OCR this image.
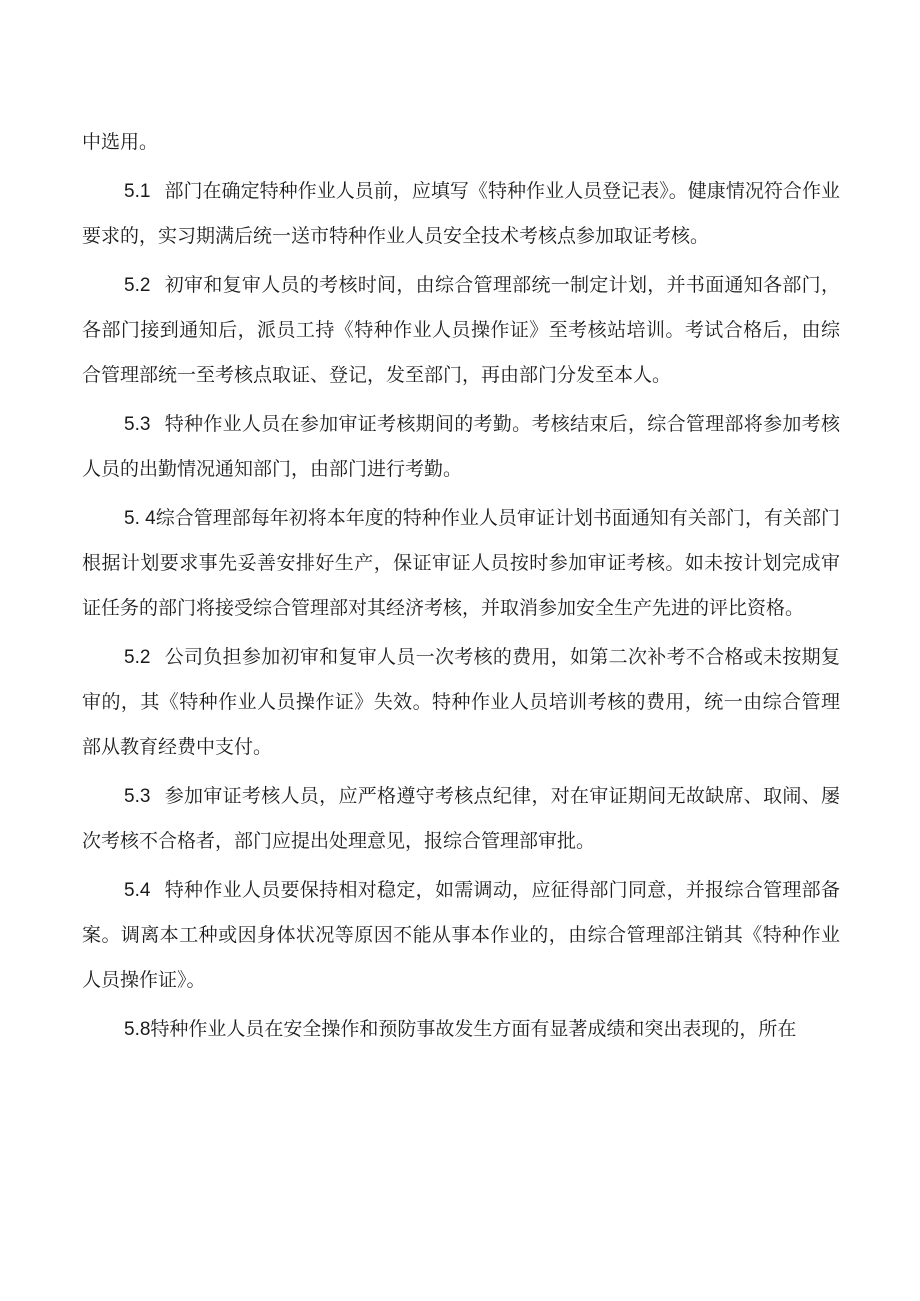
中选用。

5.1 部门在确定特种作业人员前，应填写《特种作业人员登记表》。健康情况符合作业要求的，实习期满后统一送市特种作业人员安全技术考核点参加取证考核。

5.2 初审和复审人员的考核时间，由综合管理部统一制定计划，并书面通知各部门，各部门接到通知后，派员工持《特种作业人员操作证》至考核站培训。考试合格后，由综合管理部统一至考核点取证、登记，发至部门，再由部门分发至本人。

5.3 特种作业人员在参加审证考核期间的考勤。考核结束后，综合管理部将参加考核人员的出勤情况通知部门，由部门进行考勤。

5. 4综合管理部每年初将本年度的特种作业人员审证计划书面通知有关部门，有关部门根据计划要求事先妥善安排好生产，保证审证人员按时参加审证考核。如未按计划完成审证任务的部门将接受综合管理部对其经济考核，并取消参加安全生产先进的评比资格。

5.2 公司负担参加初审和复审人员一次考核的费用，如第二次补考不合格或未按期复审的，其《特种作业人员操作证》失效。特种作业人员培训考核的费用，统一由综合管理部从教育经费中支付。

5.3 参加审证考核人员，应严格遵守考核点纪律，对在审证期间无故缺席、取闹、屡次考核不合格者，部门应提出处理意见，报综合管理部审批。

5.4 特种作业人员要保持相对稳定，如需调动，应征得部门同意，并报综合管理部备案。调离本工种或因身体状况等原因不能从事本作业的，由综合管理部注销其《特种作业人员操作证》。

5.8特种作业人员在安全操作和预防事故发生方面有显著成绩和突出表现的，所在
